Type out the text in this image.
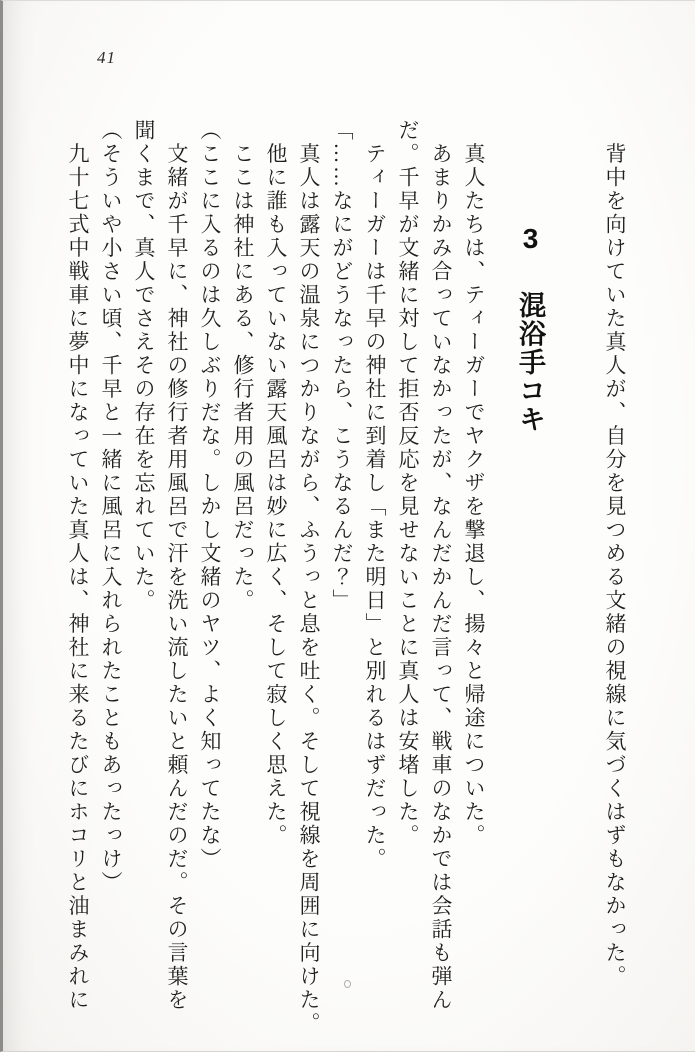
41
　背中を向けていた真人が、自分を見つめる文緒の視線に気づくはずもなかった。
3混浴手コキ
　真人たちは、ティーガーでヤクザを撃退し、揚々と帰途についた。
　あまりかみ合っていなかったが、なんだかんだ言って、戦車のなかでは会話も弾ん
だ。千早が文緒に対して拒否反応を見せないことに真人は安堵した。
　ティーガーは千早の神社に到着し「また明日」と別れるはずだった。
「……なにがどうなったら、こうなるんだ？」
　真人は露天の温泉につかりながら、ふうっと息を吐く。そして視線を周囲に向けた。
　他に誰も入っていない露天風呂は妙に広く、そして寂しく思えた。
　ここは神社にある、修行者用の風呂だった。
（ここに入るのは久しぶりだな。しかし文緒のヤツ、よく知ってたな）
　文緒が千早に、神社の修行者用風呂で汗を洗い流したいと頼んだのだ。その言葉を
聞くまで、真人でさえその存在を忘れていた。
（そういや小さい頃、千早と一緒に風呂に入れられたこともあったっけ）
　九十七式中戦車に夢中になっていた真人は、神社に来るたびにホコリと油まみれに
